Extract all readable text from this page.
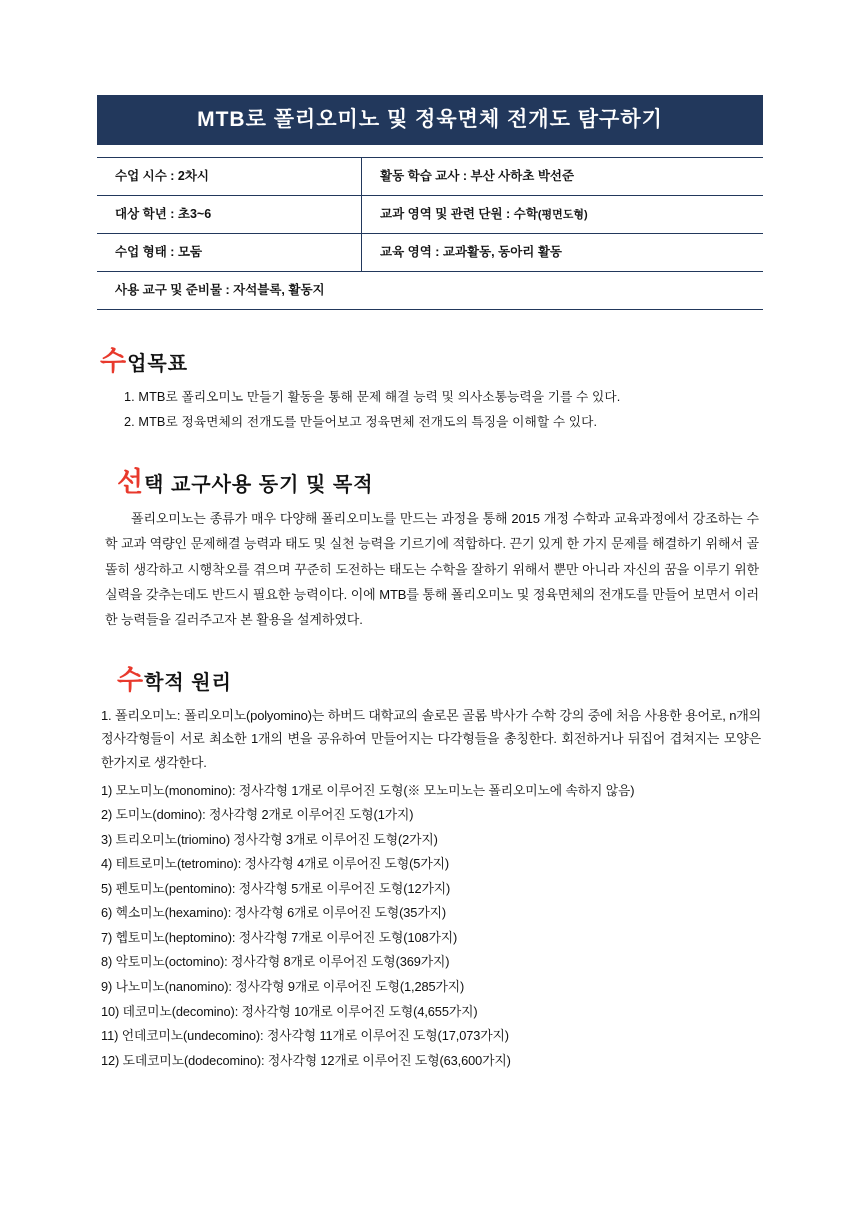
MTB로 폴리오미노 및 정육면체 전개도 탐구하기
수업 시수 : 2차시	활동 학습 교사 : 부산 사하초 박선준
대상 학년 : 초3~6	교과 영역 및 관련 단원 : 수학(평면도형)
수업 형태 : 모둠	교육 영역 : 교과활동, 동아리 활동
사용 교구 및 준비물 : 자석블록, 활동지	
수업목표
1. MTB로 폴리오미노 만들기 활동을 통해 문제 해결 능력 및 의사소통능력을 기를 수 있다.
2. MTB로 정육면체의 전개도를 만들어보고 정육면체 전개도의 특징을 이해할 수 있다.
선택 교구사용 동기 및 목적

폴리오미노는 종류가 매우 다양해 폴리오미노를 만드는 과정을 통해 2015 개정 수학과 교육과정에서 강조하는 수학 교과 역량인 문제해결 능력과 태도 및 실천 능력을 기르기에 적합하다. 끈기 있게 한 가지 문제를 해결하기 위해서 골똘히 생각하고 시행착오를 겪으며 꾸준히 도전하는 태도는 수학을 잘하기 위해서 뿐만 아니라 자신의 꿈을 이루기 위한 실력을 갖추는데도 반드시 필요한 능력이다. 이에 MTB를 통해 폴리오미노 및 정육면체의 전개도를 만들어 보면서 이러한 능력들을 길러주고자 본 활용을 설계하였다.

수학적 원리

1. 폴리오미노: 폴리오미노(polyomino)는 하버드 대학교의 솔로몬 골롬 박사가 수학 강의 중에 처음 사용한 용어로, n개의 정사각형들이 서로 최소한 1개의 변을 공유하여 만들어지는 다각형들을 총칭한다. 회전하거나 뒤집어 겹쳐지는 모양은 한가지로 생각한다.

1) 모노미노(monomino): 정사각형 1개로 이루어진 도형(※ 모노미노는 폴리오미노에 속하지 않음)
2) 도미노(domino): 정사각형 2개로 이루어진 도형(1가지)
3) 트리오미노(triomino) 정사각형 3개로 이루어진 도형(2가지)
4) 테트로미노(tetromino): 정사각형 4개로 이루어진 도형(5가지)
5) 펜토미노(pentomino): 정사각형 5개로 이루어진 도형(12가지)
6) 헥소미노(hexamino): 정사각형 6개로 이루어진 도형(35가지)
7) 헵토미노(heptomino): 정사각형 7개로 이루어진 도형(108가지)
8) 악토미노(octomino): 정사각형 8개로 이루어진 도형(369가지)
9) 나노미노(nanomino): 정사각형 9개로 이루어진 도형(1,285가지)
10) 데코미노(decomino): 정사각형 10개로 이루어진 도형(4,655가지)
11) 언데코미노(undecomino): 정사각형 11개로 이루어진 도형(17,073가지)
12) 도데코미노(dodecomino): 정사각형 12개로 이루어진 도형(63,600가지)
